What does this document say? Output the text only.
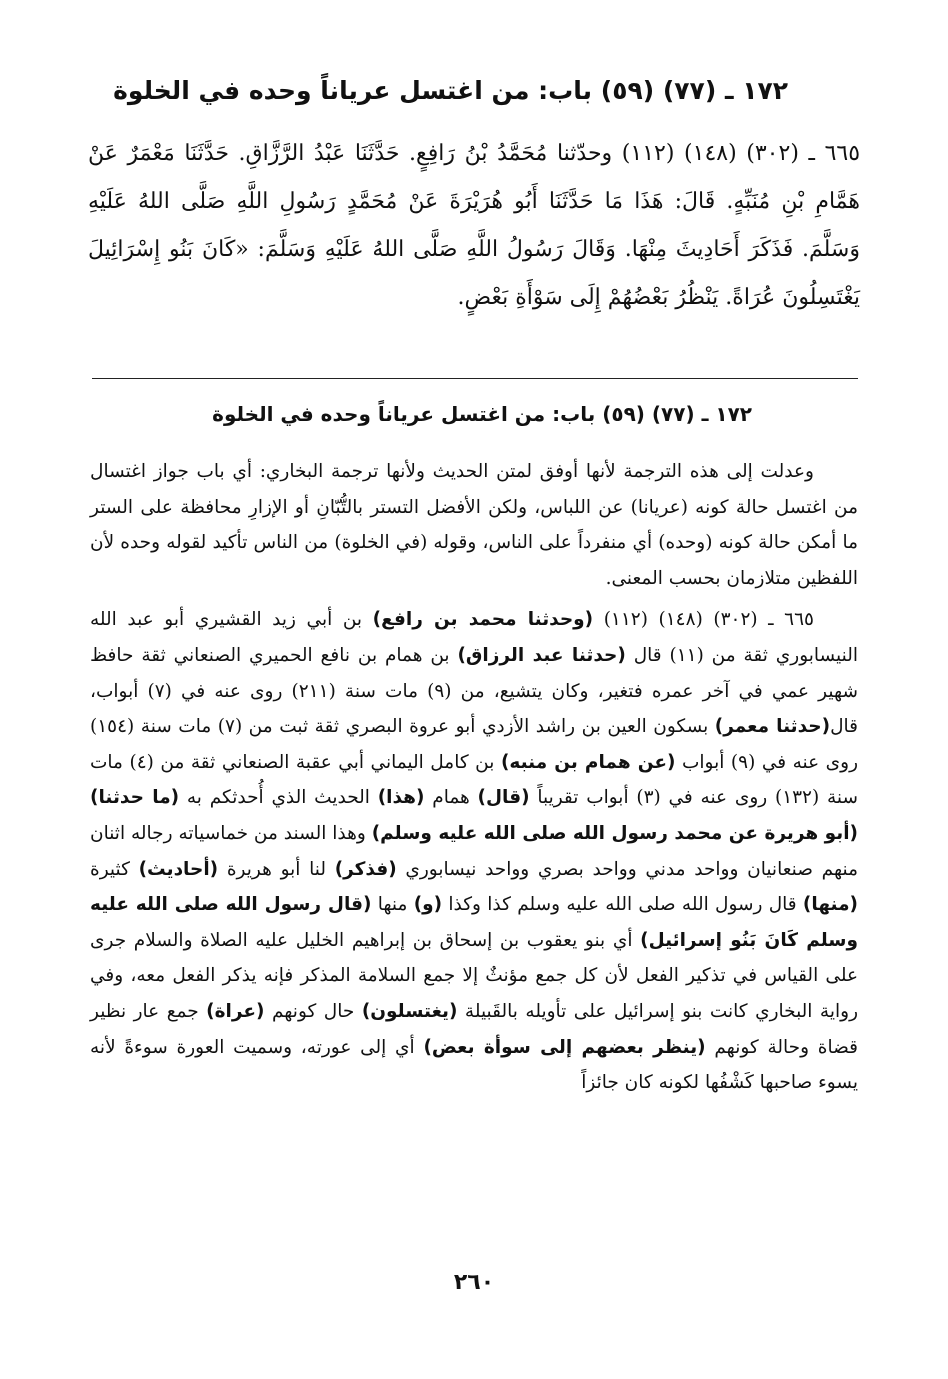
١٧٢ ـ (٧٧) (٥٩) باب: من اغتسل عرياناً وحده في الخلوة

٦٦٥ ـ (٣٠٢) (١٤٨) (١١٢) وحدّثنا مُحَمَّدُ بْنُ رَافِعٍ. حَدَّثَنَا عَبْدُ الرَّزَّاقِ. حَدَّثَنَا مَعْمَرٌ عَنْ هَمَّامِ بْنِ مُنَبِّهٍ. قَالَ: هَذَا مَا حَدَّثَنَا أَبُو هُرَيْرَةَ عَنْ مُحَمَّدٍ رَسُولِ اللَّهِ صَلَّى اللهُ عَلَيْهِ وَسَلَّمَ. فَذَكَرَ أَحَادِيثَ مِنْهَا. وَقَالَ رَسُولُ اللَّهِ صَلَّى اللهُ عَلَيْهِ وَسَلَّمَ: «كَانَ بَنُو إِسْرَائِيلَ يَغْتَسِلُونَ عُرَاةً. يَنْظُرُ بَعْضُهُمْ إِلَى سَوْأَةِ بَعْضٍ.

١٧٢ ـ (٧٧) (٥٩) باب: من اغتسل عرياناً وحده في الخلوة

وعدلت إلى هذه الترجمة لأنها أوفق لمتن الحديث ولأنها ترجمة البخاري: أي باب جواز اغتسال من اغتسل حالة كونه (عريانا) عن اللباس، ولكن الأفضل التستر بالتُّبّانِ أو الإزارِ محافظة على الستر ما أمكن حالة كونه (وحده) أي منفرداً على الناس، وقوله (في الخلوة) من الناس تأكيد لقوله وحده لأن اللفظين متلازمان بحسب المعنى.

٦٦٥ ـ (٣٠٢) (١٤٨) (١١٢) (وحدثنا محمد بن رافع) بن أبي زيد القشيري أبو عبد الله النيسابوري ثقة من (١١) قال (حدثنا عبد الرزاق) بن همام بن نافع الحميري الصنعاني ثقة حافظ شهير عمي في آخر عمره فتغير، وكان يتشيع، من (٩) مات سنة (٢١١) روى عنه في (٧) أبواب، قال(حدثنا معمر) بسكون العين بن راشد الأزدي أبو عروة البصري ثقة ثبت من (٧) مات سنة (١٥٤) روى عنه في (٩) أبواب (عن همام بن منبه) بن كامل اليماني أبي عقبة الصنعاني ثقة من (٤) مات سنة (١٣٢) روى عنه في (٣) أبواب تقريباً (قال) همام (هذا) الحديث الذي أُحدثكم به (ما حدثنا) (أبو هريرة عن محمد رسول الله صلى الله عليه وسلم) وهذا السند من خماسياته رجاله اثنان منهم صنعانيان وواحد مدني وواحد بصري وواحد نيسابوري (فذكر) لنا أبو هريرة (أحاديث) كثيرة (منها) قال رسول الله صلى الله عليه وسلم كذا وكذا (و) منها (قال رسول الله صلى الله عليه وسلم كَانَ بَنُو إسرائيل) أي بنو يعقوب بن إسحاق بن إبراهيم الخليل عليه الصلاة والسلام جرى على القياس في تذكير الفعل لأن كل جمع مؤنثٌ إلا جمع السلامة المذكر فإنه يذكر الفعل معه، وفي رواية البخاري كانت بنو إسرائيل على تأويله بالقَبيلة (يغتسلون) حال كونهم (عراة) جمع عار نظير قضاة وحالة كونهم (ينظر بعضهم إلى سوأة بعض) أي إلى عورته، وسميت العورة سوءةً لأنه يسوء صاحبها كَشْفُها لكونه كان جائزاً

٢٦٠
